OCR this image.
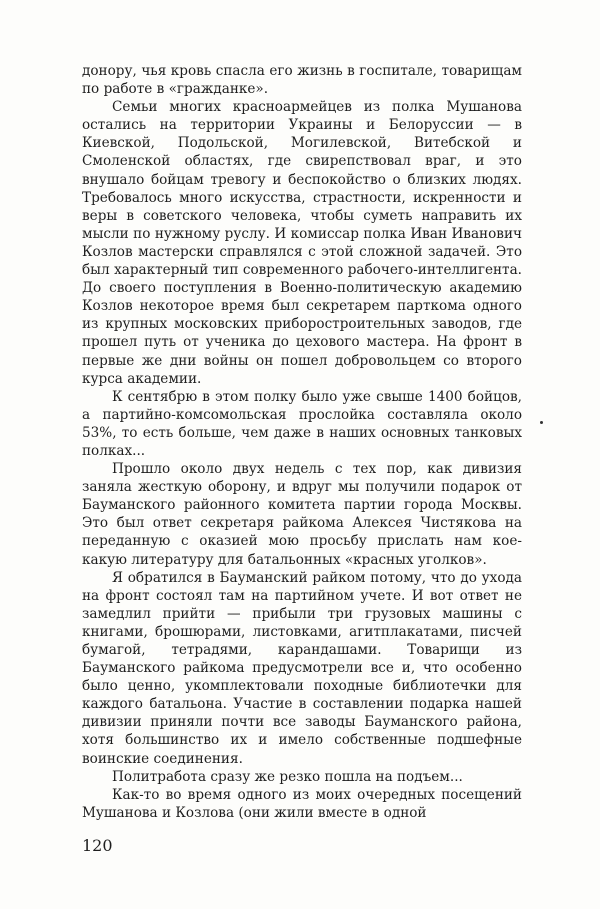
донору, чья кровь спасла его жизнь в госпитале, товарищам по работе в «гражданке».

Семьи многих красноармейцев из полка Мушанова остались на территории Украины и Белоруссии — в Киевской, Подольской, Могилевской, Витебской и Смоленской областях, где свирепствовал враг, и это внушало бойцам тревогу и беспокойство о близких людях. Требовалось много искусства, страстности, искренности и веры в советского человека, чтобы суметь направить их мысли по нужному руслу. И комиссар полка Иван Иванович Козлов мастерски справлялся с этой сложной задачей. Это был характерный тип современного рабочего-интеллигента. До своего поступления в Военно-политическую академию Козлов некоторое время был секретарем парткома одного из крупных московских приборостроительных заводов, где прошел путь от ученика до цехового мастера. На фронт в первые же дни войны он пошел добровольцем со второго курса академии.

К сентябрю в этом полку было уже свыше 1400 бойцов, а партийно-комсомольская прослойка составляла около 53%, то есть больше, чем даже в наших основных танковых полках...

Прошло около двух недель с тех пор, как дивизия заняла жесткую оборону, и вдруг мы получили подарок от Бауманского районного комитета партии города Москвы. Это был ответ секретаря райкома Алексея Чистякова на переданную с оказией мою просьбу прислать нам кое-какую литературу для батальонных «красных уголков».

Я обратился в Бауманский райком потому, что до ухода на фронт состоял там на партийном учете. И вот ответ не замедлил прийти — прибыли три грузовых машины с книгами, брошюрами, листовками, агитплакатами, писчей бумагой, тетрадями, карандашами. Товарищи из Бауманского райкома предусмотрели все и, что особенно было ценно, укомплектовали походные библиотечки для каждого батальона. Участие в составлении подарка нашей дивизии приняли почти все заводы Бауманского района, хотя большинство их и имело собственные подшефные воинские соединения.

Политработа сразу же резко пошла на подъем...

Как-то во время одного из моих очередных посещений Мушанова и Козлова (они жили вместе в одной

120
